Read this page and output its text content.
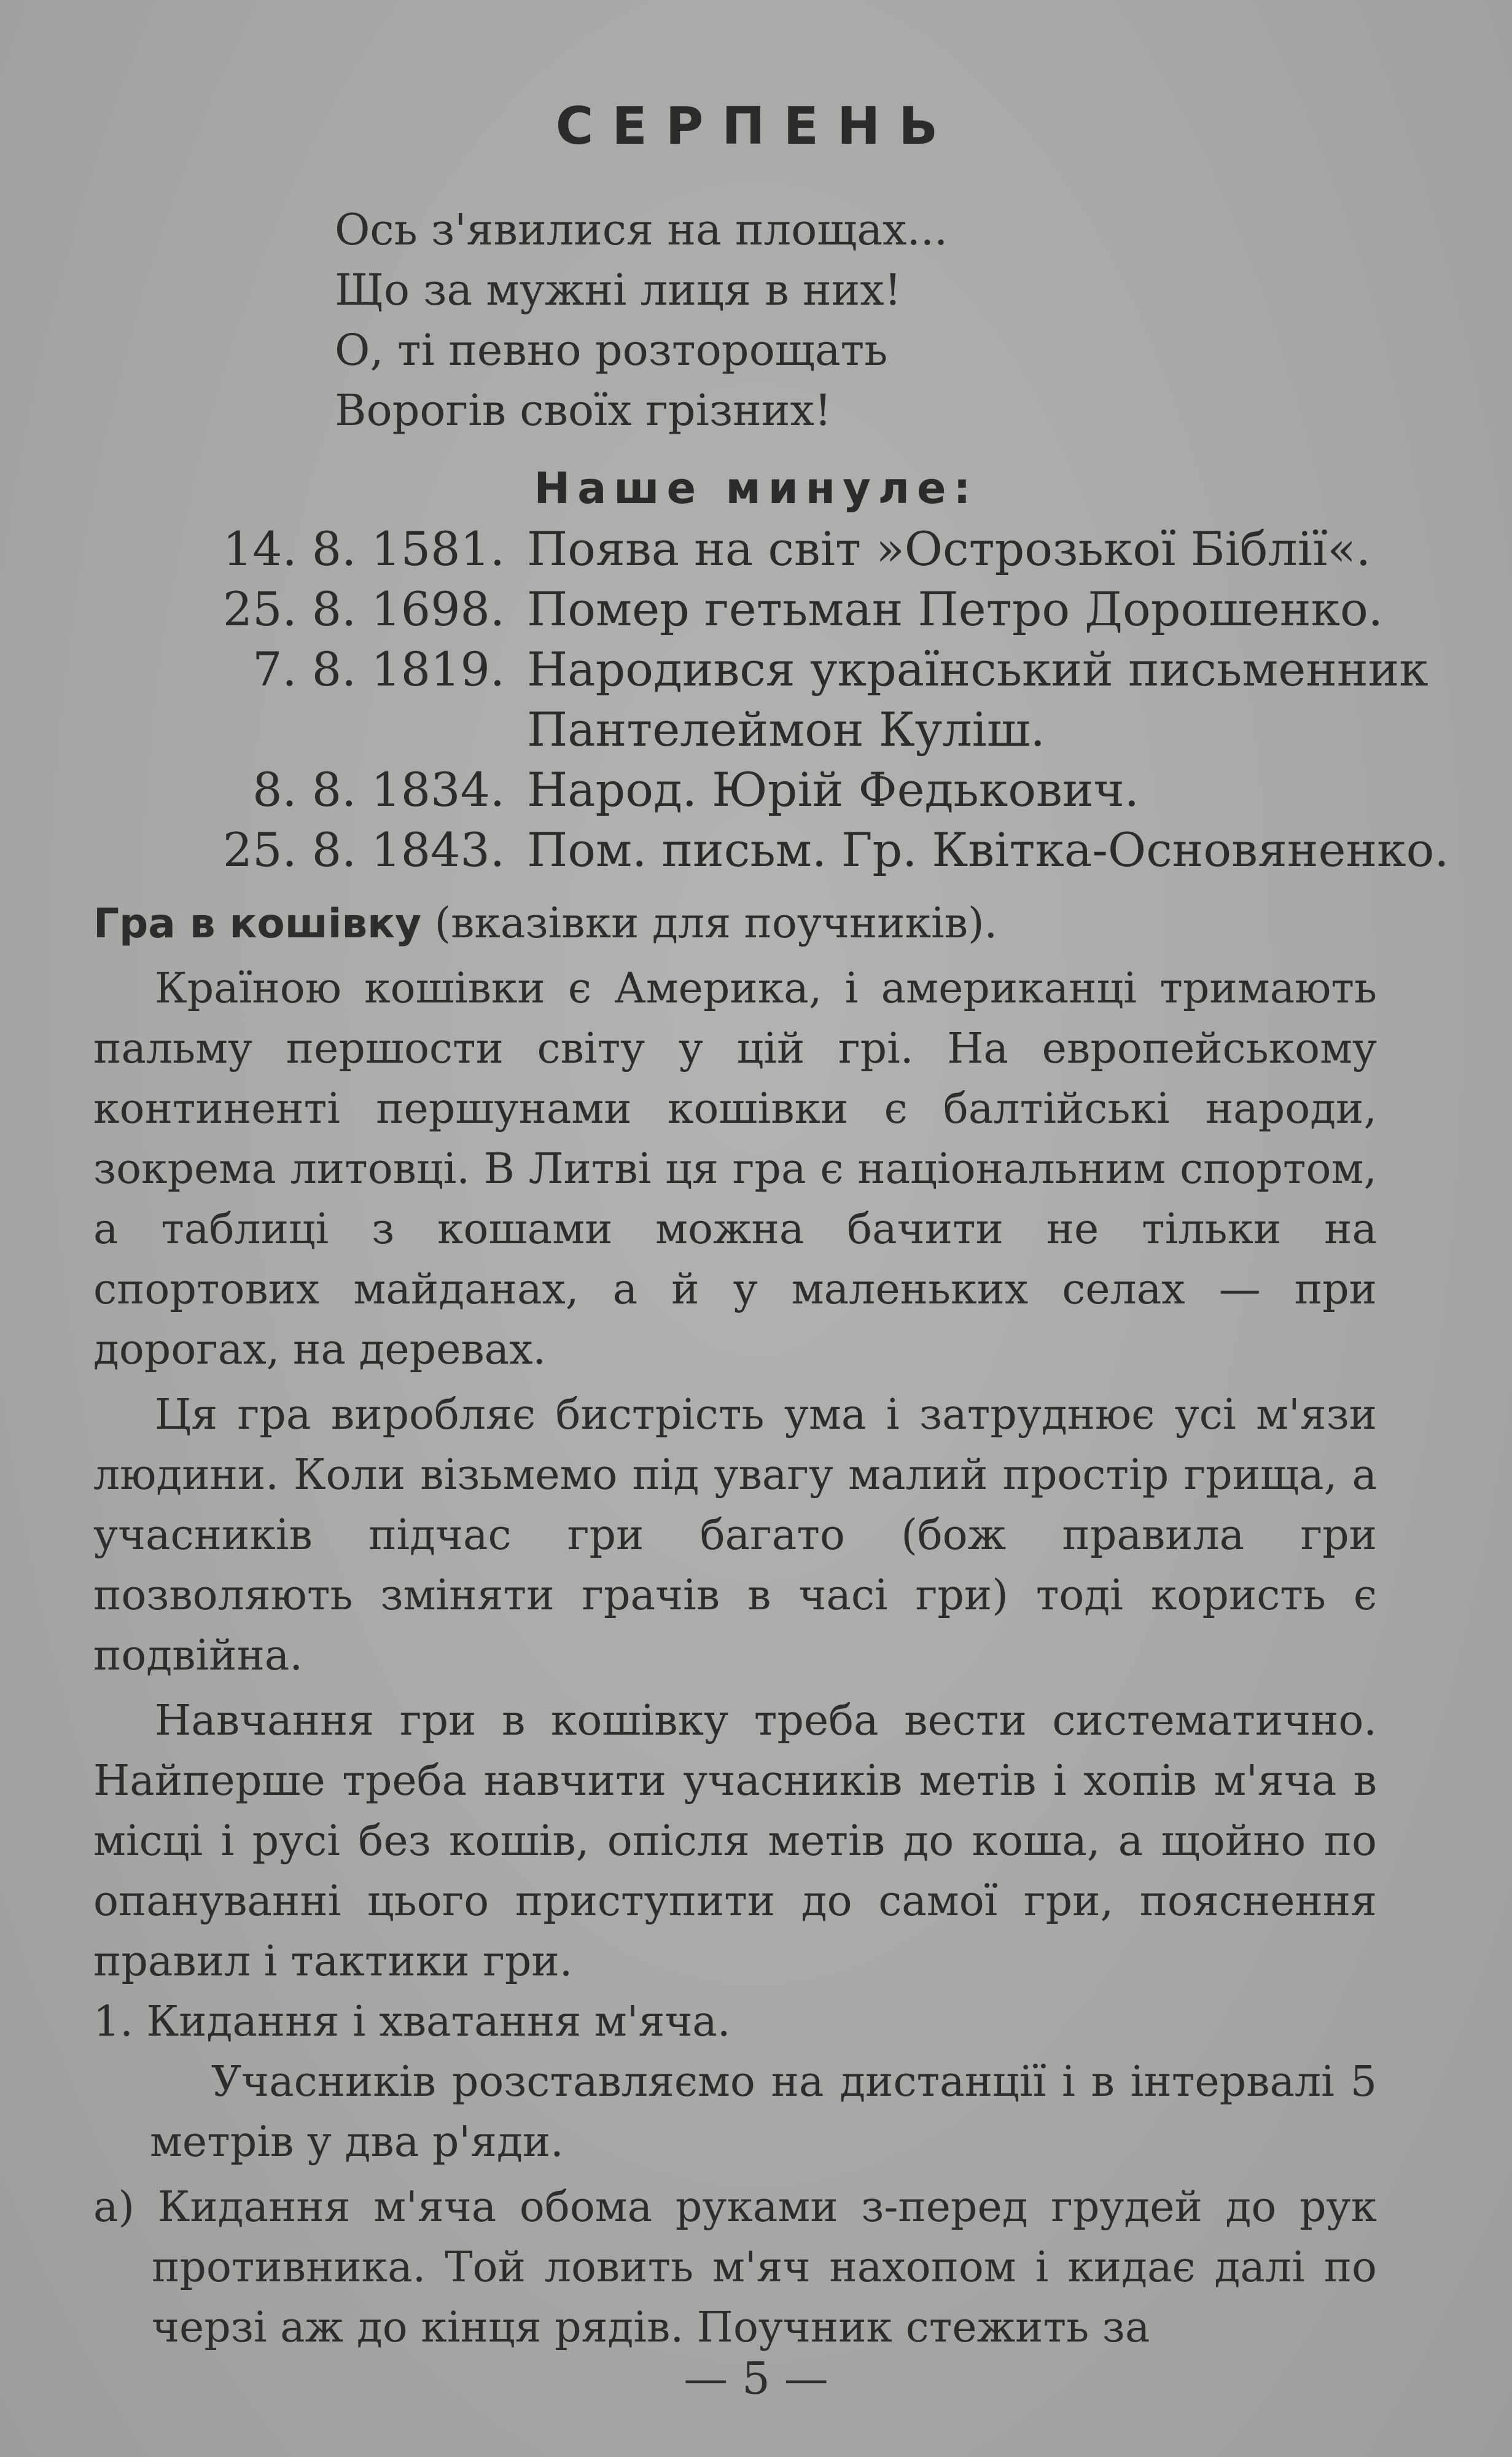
СЕРПЕНЬ
Ось з'явилися на площах...
Що за мужні лиця в них!
О, ті певно розторощать
Ворогів своїх грізних!
Наше минуле:
14. 8. 1581. Поява на світ »Острозької Біблії«.
25. 8. 1698. Помер гетьман Петро Дорошенко.
7. 8. 1819. Народився український письменник
Пантелеймон Куліш.
8. 8. 1834. Народ. Юрій Федькович.
25. 8. 1843. Пом. письм. Гр. Квітка-Основяненко.

Гра в кошівку (вказівки для поучників).

Країною кошівки є Америка, і американці тримають пальму першости світу у цій грі. На европейському континенті першунами кошівки є балтійські народи, зокрема литовці. В Литві ця гра є національним спортом, а таблиці з кошами можна бачити не тільки на спортових майданах, а й у маленьких селах — при дорогах, на деревах.

Ця гра виробляє бистрість ума і затруднює усі м'язи людини. Коли візьмемо під увагу малий простір грища, а учасників підчас гри багато (бож правила гри позволяють зміняти грачів в часі гри) тоді користь є подвійна.

Навчання гри в кошівку треба вести систематично. Найперше треба навчити учасників метів і хопів м'яча в місці і русі без кошів, опісля метів до коша, а щойно по опануванні цього приступити до самої гри, пояснення правил і тактики гри.

1. Кидання і хватання м'яча.

Учасників розставляємо на дистанції і в інтервалі 5 метрів у два р'яди.

а) Кидання м'яча обома руками з-перед грудей до рук противника. Той ловить м'яч нахопом і кидає далі по черзі аж до кінця рядів. Поучник стежить за

— 5 —
